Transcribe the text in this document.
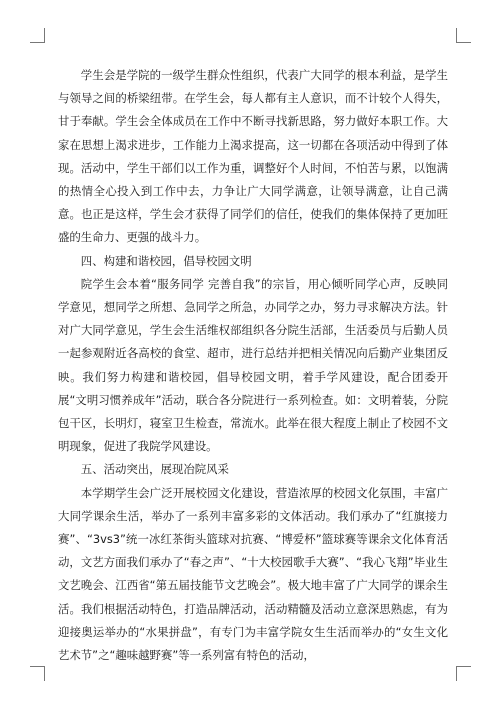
学生会是学院的一级学生群众性组织，代表广大同学的根本利益，是学生与领导之间的桥梁纽带。在学生会，每人都有主人意识，而不计较个人得失，甘于奉献。学生会全体成员在工作中不断寻找新思路，努力做好本职工作。大家在思想上渴求进步，工作能力上渴求提高，这一切都在各项活动中得到了体现。活动中，学生干部们以工作为重，调整好个人时间，不怕苦与累，以饱满的热情全心投入到工作中去，力争让广大同学满意，让领导满意，让自己满意。也正是这样，学生会才获得了同学们的信任，使我们的集体保持了更加旺盛的生命力、更强的战斗力。

四、构建和谐校园，倡导校园文明

院学生会本着“服务同学 完善自我”的宗旨，用心倾听同学心声，反映同学意见，想同学之所想、急同学之所急，办同学之办，努力寻求解决方法。针对广大同学意见，学生会生活维权部组织各分院生活部，生活委员与后勤人员一起参观附近各高校的食堂、超市，进行总结并把相关情况向后勤产业集团反映。我们努力构建和谐校园，倡导校园文明，着手学风建设，配合团委开展“文明习惯养成年”活动，联合各分院进行一系列检查。如：文明着装，分院包干区，长明灯，寝室卫生检查，常流水。此举在很大程度上制止了校园不文明现象，促进了我院学风建设。

五、活动突出，展现冶院风采

本学期学生会广泛开展校园文化建设，营造浓厚的校园文化氛围，丰富广大同学课余生活，举办了一系列丰富多彩的文体活动。我们承办了“红旗接力赛”、“3vs3”统一冰红茶街头篮球对抗赛、“博爱杯”篮球赛等课余文化体育活动，文艺方面我们承办了“春之声”、“十大校园歌手大赛”、“我心飞翔”毕业生文艺晚会、江西省“第五届技能节文艺晚会”。极大地丰富了广大同学的课余生活。我们根据活动特色，打造品牌活动，活动精髓及活动立意深思熟虑，有为迎接奥运举办的“水果拼盘”，有专门为丰富学院女生生活而举办的“女生文化艺术节”之“趣味越野赛”等一系列富有特色的活动，
